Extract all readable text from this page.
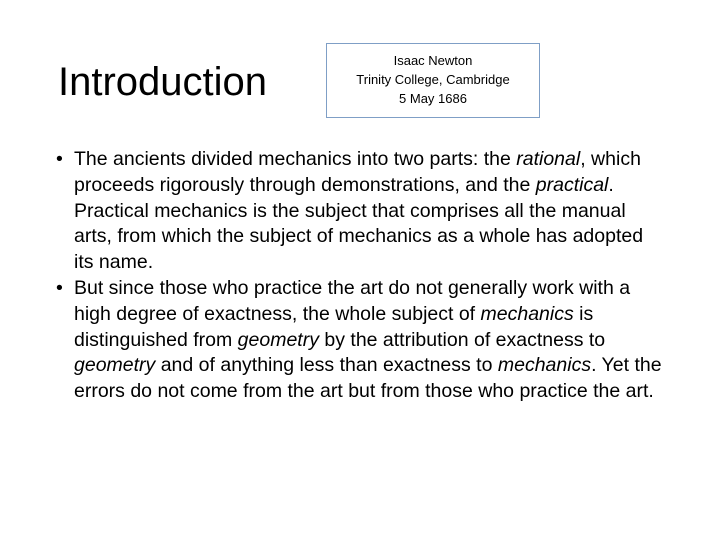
Introduction	Isaac Newton
Trinity College, Cambridge
5 May 1686
• The ancients divided mechanics into two parts: the rational, which proceeds rigorously through demonstrations, and the practical. Practical mechanics is the subject that comprises all the manual arts, from which the subject of mechanics as a whole has adopted its name.
• But since those who practice the art do not generally work with a high degree of exactness, the whole subject of mechanics is distinguished from geometry by the attribution of exactness to geometry and of anything less than exactness to mechanics. Yet the errors do not come from the art but from those who practice the art.
